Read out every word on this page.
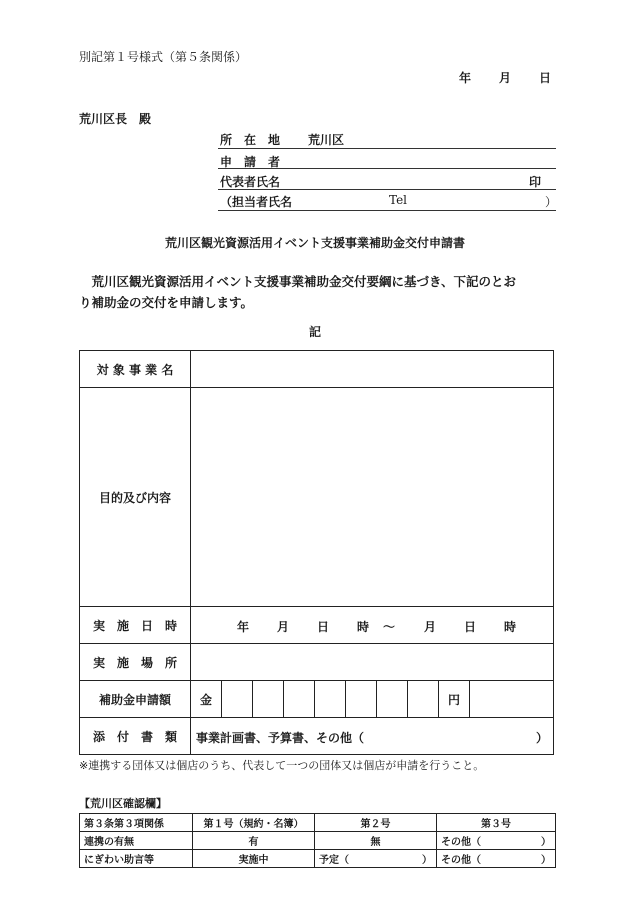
別記第１号様式（第５条関係）
年 月 日
荒川区長　殿
所　在　地 荒川区
申　請　者
代表者氏名	印
（担当者氏名	Tel	）
荒川区観光資源活用イベント支援事業補助金交付申請書
　荒川区観光資源活用イベント支援事業補助金交付要綱に基づき、下記のとお
り補助金の交付を申請します。
記
対 象 事 業 名	
目的及び内容	
実　施　日　時	年 月 日 時 ～ 月 日 時

実　施　場　所	
補助金申請額	金								円

添　付　書　類	事業計画書、予算書、その他（	）
※連携する団体又は個店のうち、代表して一つの団体又は個店が申請を行うこと。
【荒川区確認欄】
第３条第３項関係	第１号（規約・名簿）	第２号	第３号
連携の有無	有	無	その他（ ）

にぎわい助言等	実施中	予定（ ）	その他（ ）
